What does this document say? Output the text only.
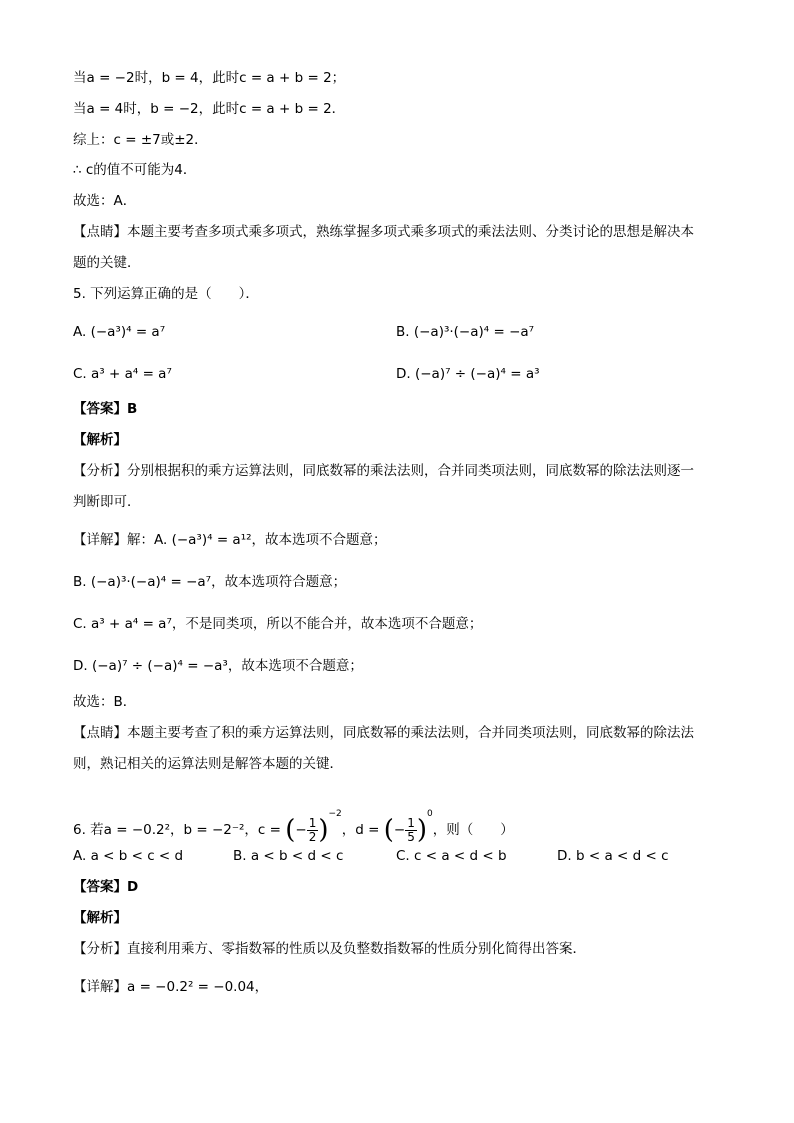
当a = −2时，b = 4，此时c = a + b = 2；
当a = 4时，b = −2，此时c = a + b = 2．
综上：c = ±7或±2．
∴ c的值不可能为4．
故选：A．
【点睛】本题主要考查多项式乘多项式，熟练掌握多项式乘多项式的乘法法则、分类讨论的思想是解决本
题的关键．
5. 下列运算正确的是（　　）．
A. (−a³)⁴ = a⁷	B. (−a)³·(−a)⁴ = −a⁷
C. a³ + a⁴ = a⁷	D. (−a)⁷ ÷ (−a)⁴ = a³
【答案】B
【解析】
【分析】分别根据积的乘方运算法则，同底数幂的乘法法则，合并同类项法则，同底数幂的除法法则逐一
判断即可．
【详解】解：A. (−a³)⁴ = a¹²，故本选项不合题意；
B. (−a)³·(−a)⁴ = −a⁷，故本选项符合题意；
C. a³ + a⁴ = a⁷，不是同类项，所以不能合并，故本选项不合题意；
D. (−a)⁷ ÷ (−a)⁴ = −a³，故本选项不合题意；
故选：B．
【点睛】本题主要考查了积的乘方运算法则，同底数幂的乘法法则，合并同类项法则，同底数幂的除法法
则，熟记相关的运算法则是解答本题的关键．
6. 若a = −0.2²，b = −2⁻²，c = (− $\frac{1}{2} )^{-2}$，d = (− $\frac{1}{5} )^0$，则（　　）
A. a < b < c < d	B. a < b < d < c	C. c < a < d < b	D. b < a < d < c
【答案】D
【解析】
【分析】直接利用乘方、零指数幂的性质以及负整数指数幂的性质分别化简得出答案．
【详解】a = −0.2² = −0.04，
